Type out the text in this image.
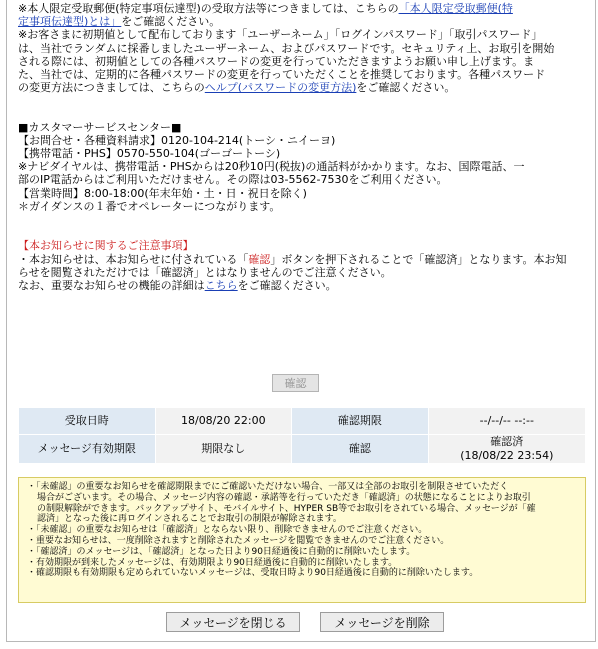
※本人限定受取郵便(特定事項伝達型)の受取方法等につきましては、こちらの「本人限定受取郵便(特
定事項伝達型)とは」をご確認ください。
※お客さまに初期値として配布しております「ユーザーネーム」「ログインパスワード」「取引パスワード」
は、当社でランダムに採番しましたユーザーネーム、およびパスワードです。セキュリティ上、お取引を開始
される際には、初期値としての各種パスワードの変更を行っていただきますようお願い申し上げます。ま
た、当社では、定期的に各種パスワードの変更を行っていただくことを推奨しております。各種パスワード
の変更方法につきましては、こちらのヘルプ(パスワードの変更方法)をご確認ください。
■カスタマーサービスセンター■
【お問合せ・各種資料請求】0120-104-214(トーシ・ニイーヨ)
【携帯電話・PHS】0570-550-104(ゴーゴートーシ)
※ナビダイヤルは、携帯電話・PHSからは20秒10円(税抜)の通話料がかかります。なお、国際電話、一
部のIP電話からはご利用いただけません。その際は03-5562-7530をご利用ください。
【営業時間】8:00-18:00(年末年始・土・日・祝日を除く)
＊ガイダンスの１番でオペレーターにつながります。
【本お知らせに関するご注意事項】
・本お知らせは、本お知らせに付されている「確認」ボタンを押下されることで「確認済」となります。本お知
らせを閲覧されただけでは「確認済」とはなりませんのでご注意ください。
なお、重要なお知らせの機能の詳細はこちらをご確認ください。
確認
受取日時	18/08/20 22:00	確認期限	--/--/-- --:--
メッセージ有効期限	期限なし	確認	確認済
(18/08/22 23:54)
・「未確認」の重要なお知らせを確認期限までにご確認いただけない場合、一部又は全部のお取引を制限させていただく
場合がございます。その場合、メッセージ内容の確認・承諾等を行っていただき「確認済」の状態になることによりお取引
の制限解除ができます。バックアップサイト、モバイルサイト、HYPER SB等でお取引をされている場合、メッセージが「確
認済」となった後に再ログインされることでお取引の制限が解除されます。
・「未確認」の重要なお知らせは「確認済」とならない限り、削除できませんのでご注意ください。
・重要なお知らせは、一度削除されますと削除されたメッセージを閲覧できませんのでご注意ください。
・「確認済」のメッセージは、「確認済」となった日より90日経過後に自動的に削除いたします。
・有効期限が到来したメッセージは、有効期限より90日経過後に自動的に削除いたします。
・確認期限も有効期限も定められていないメッセージは、受取日時より90日経過後に自動的に削除いたします。
メッセージを閉じる	メッセージを削除
